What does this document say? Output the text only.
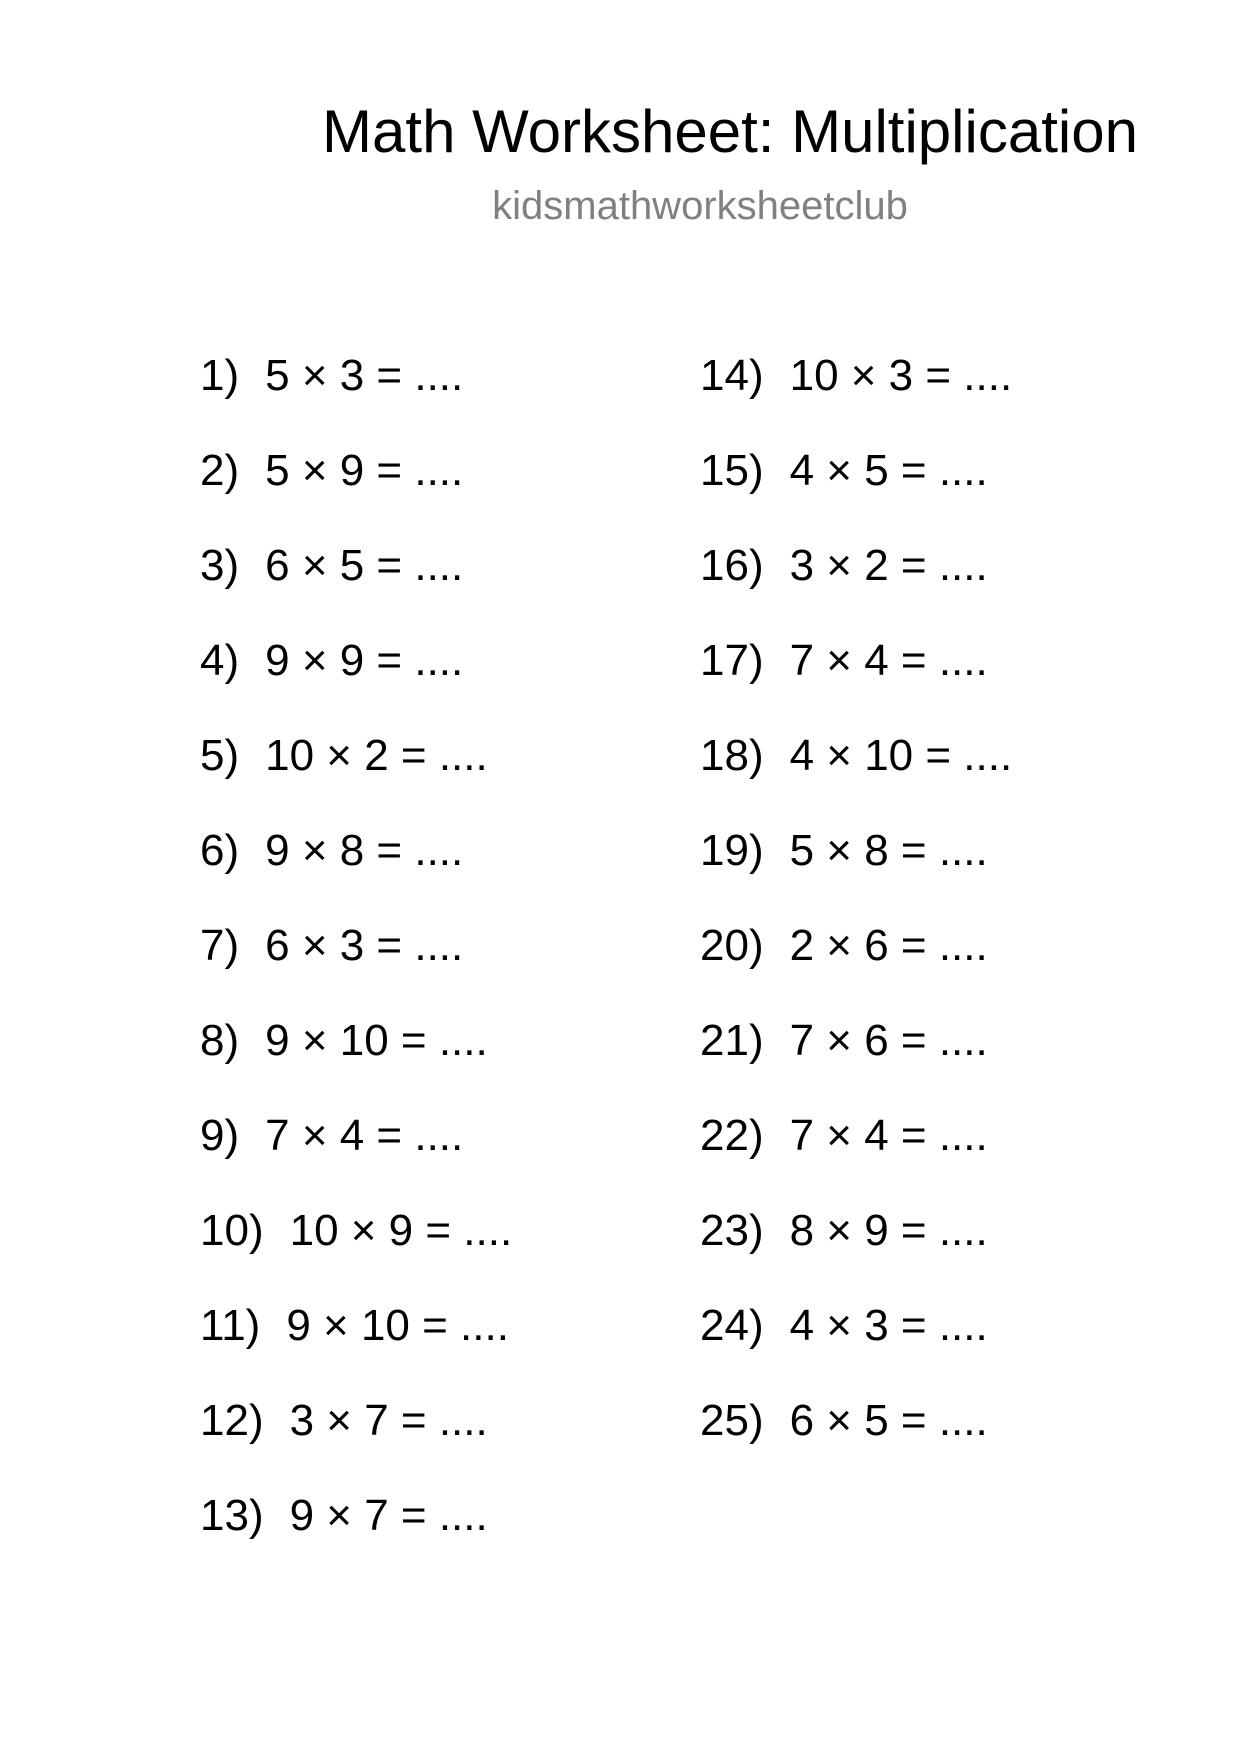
Math Worksheet: Multiplication
kidsmathworksheetclub
1) 5 × 3 = ....
2) 5 × 9 = ....
3) 6 × 5 = ....
4) 9 × 9 = ....
5) 10 × 2 = ....
6) 9 × 8 = ....
7) 6 × 3 = ....
8) 9 × 10 = ....
9) 7 × 4 = ....
10) 10 × 9 = ....
11) 9 × 10 = ....
12) 3 × 7 = ....
13) 9 × 7 = ....
14) 10 × 3 = ....
15) 4 × 5 = ....
16) 3 × 2 = ....
17) 7 × 4 = ....
18) 4 × 10 = ....
19) 5 × 8 = ....
20) 2 × 6 = ....
21) 7 × 6 = ....
22) 7 × 4 = ....
23) 8 × 9 = ....
24) 4 × 3 = ....
25) 6 × 5 = ....
